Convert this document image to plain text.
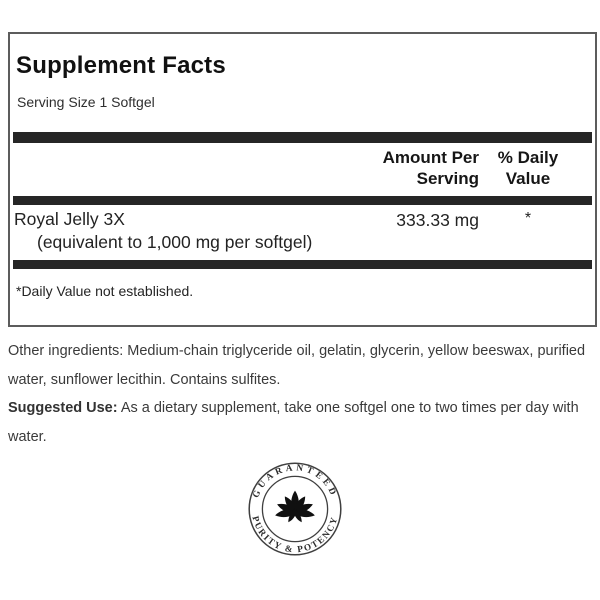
Supplement Facts
Serving Size 1 Softgel
Amount Per
Serving
% Daily
Value
Royal Jelly 3X	333.33 mg	*
(equivalent to 1,000 mg per softgel)
*Daily Value not established.

Other ingredients: Medium-chain triglyceride oil, gelatin, glycerin, yellow beeswax, purified
water, sunflower lecithin. Contains sulfites.

Suggested Use: As a dietary supplement, take one softgel one to two times per day with
water.

GUARANTEED
PURITY & POTENCY
